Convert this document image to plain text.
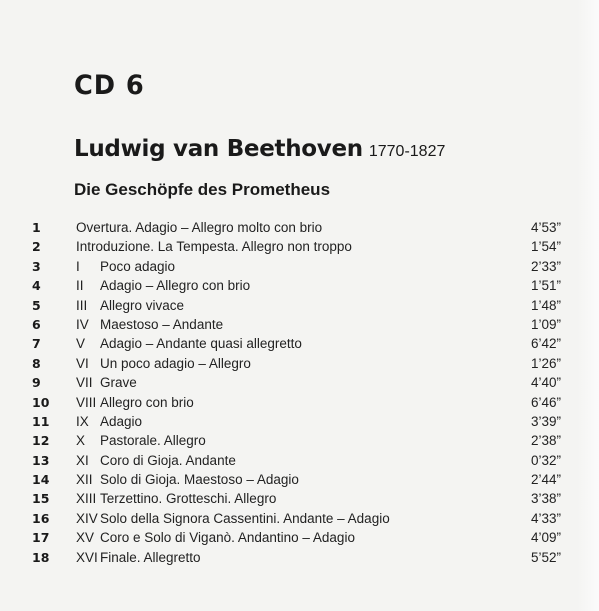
CD 6
Ludwig van Beethoven 1770-1827
Die Geschöpfe des Prometheus
1	Overtura. Adagio – Allegro molto con brio	4’53”
2	Introduzione. La Tempesta. Allegro non troppo	1’54”
3	I Poco adagio	2’33”
4	II Adagio – Allegro con brio	1’51”
5	III Allegro vivace	1’48”
6	IV Maestoso – Andante	1’09”
7	V Adagio – Andante quasi allegretto	6’42”
8	VI Un poco adagio – Allegro	1’26”
9	VII Grave	4’40”
10	VIII Allegro con brio	6’46”
11	IX Adagio	3’39”
12	X Pastorale. Allegro	2’38”
13	XI Coro di Gioja. Andante	0’32”
14	XII Solo di Gioja. Maestoso – Adagio	2’44”
15	XIII Terzettino. Grotteschi. Allegro	3’38”
16	XIV Solo della Signora Cassentini. Andante – Adagio	4’33”
17	XV Coro e Solo di Viganò. Andantino – Adagio	4’09”
18	XVI Finale. Allegretto	5’52”
